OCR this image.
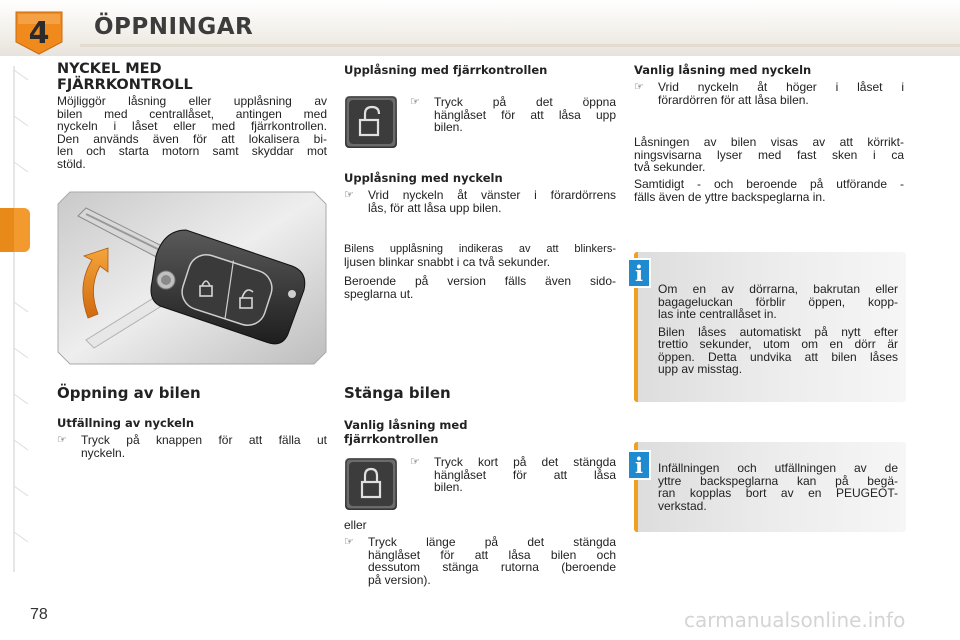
4 ÖPPNINGAR
NYCKEL MED
FJÄRRKONTROLL
Möjliggör låsning eller upplåsning av
bilen med centrallåset, antingen med
nyckeln i låset eller med fjärrkontrollen.
Den används även för att lokalisera bi-
len och starta motorn samt skyddar mot
stöld.
Öppning av bilen
Utfällning av nyckeln
☞	Tryck på knappen för att fälla ut
nyckeln.
Upplåsning med fjärrkontrollen
☞	Tryck på det öppna
hänglåset för att låsa upp
bilen.
Upplåsning med nyckeln
☞	Vrid nyckeln åt vänster i förardörrens
lås, för att låsa upp bilen.
Bilens upplåsning indikeras av att blinkers-
ljusen blinkar snabbt i ca två sekunder.
Beroende på version fälls även sido-
speglarna ut.
Stänga bilen
Vanlig låsning med
fjärrkontrollen
☞	Tryck kort på det stängda
hänglåset för att låsa
bilen.
eller
☞	Tryck länge på det stängda
hänglåset för att låsa bilen och
dessutom stänga rutorna (beroende
på version).
Vanlig låsning med nyckeln
☞	Vrid nyckeln åt höger i låset i
förardörren för att låsa bilen.
Låsningen av bilen visas av att körrikt-
ningsvisarna lyser med fast sken i ca
två sekunder.
Samtidigt - och beroende på utförande -
fälls även de yttre backspeglarna in.
i
Om en av dörrarna, bakrutan eller
bagageluckan förblir öppen, kopp-
las inte centrallåset in.
Bilen låses automatiskt på nytt efter
trettio sekunder, utom om en dörr är
öppen. Detta undvika att bilen låses
upp av misstag.
i	Infällningen och utfällningen av de
yttre backspeglarna kan på begä-
ran kopplas bort av en PEUGEOT-
verkstad.
78	carmanualsonline.info
